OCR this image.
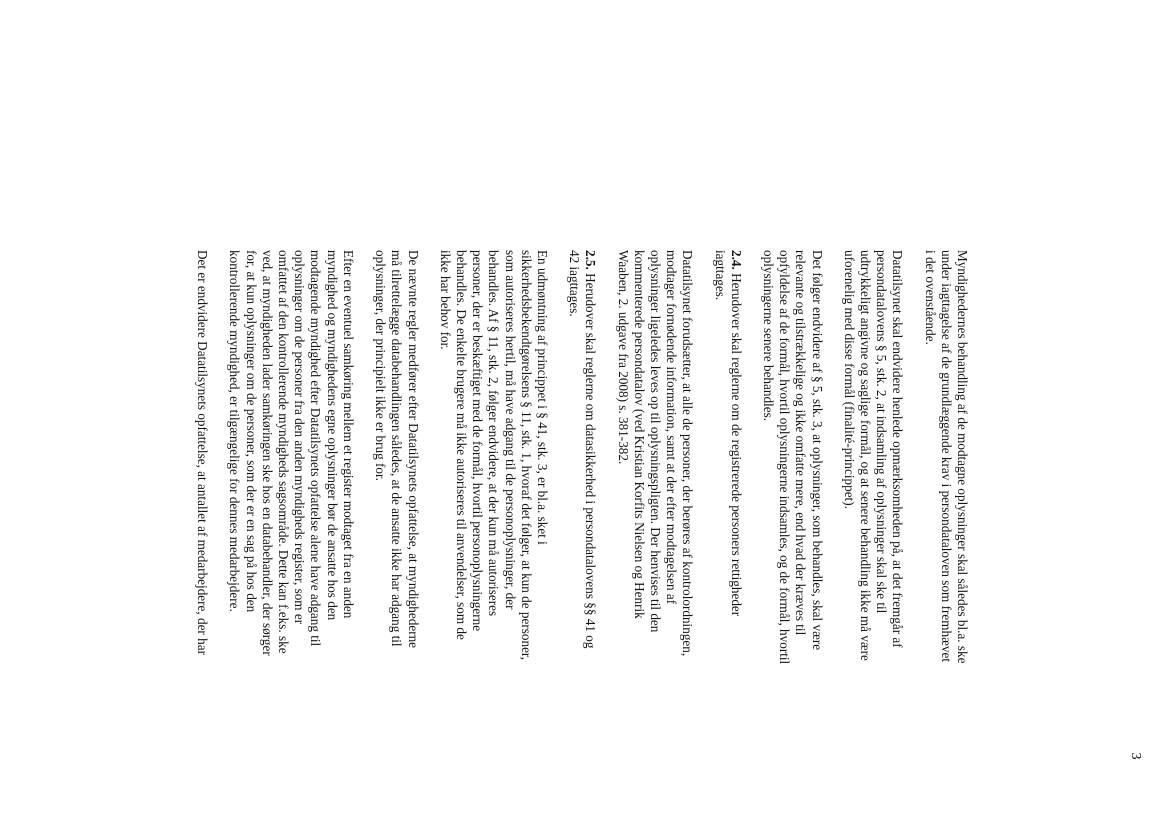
3
Myndighedernes behandling af de modtagne oplysninger skal således bl.a. ske
under iagttagelse af de grundlæggende krav i persondataloven som fremhævet
i det ovenstående.
Datatilsynet skal endvidere henlede opmærksomheden på, at det fremgår af
persondatalovens § 5, stk. 2, at indsamling af oplysninger skal ske til
udtrykkeligt angivne og saglige formål, og at senere behandling ikke må være
uforenelig med disse formål (finalité-princippet).
Det følger endvidere af § 5, stk. 3, at oplysninger, som behandles, skal være
relevante og tilstrækkelige og ikke omfatte mere, end hvad der kræves til
opfyldelse af de formål, hvortil oplysningerne indsamles, og de formål, hvortil
oplysningerne senere behandles.
2.4. Herudover skal reglerne om de registrerede personers rettigheder
iagttages.
Datatilsynet forudsætter, at alle de personer, der berøres af kontrolordningen,
modtager fornødende information, samt at der efter modtagelsen af
oplysninger ligeledes leves op til oplysningspligten. Der henvises til den
kommenterede persondatalov (ved Kristian Korfits Nielsen og Henrik
Waaben, 2. udgave fra 2008) s. 381-382.
2.5. Herudover skal reglerne om datasikkerhed i persondatalovens §§ 41 og
42 iagttages.
En udmøntning af princippet i § 41, stk. 3, er bl.a. sket i
sikkerhedsbekendtgørelsens § 11, stk. 1, hvoraf det følger, at kun de personer,
som autoriseres hertil, må have adgang til de personoplysninger, der
behandles. Af § 11, stk. 2, følger endvidere, at der kun må autoriseres
personer, der er beskæftiget med de formål, hvortil personoplysningerne
behandles. De enkelte brugere må ikke autoriseres til anvendelser, som de
ikke har behov for.
De nævnte regler medfører efter Datatilsynets opfattelse, at myndighederne
må tilrettelægge databehandlingen således, at de ansatte ikke har adgang til
oplysninger, der principielt ikke er brug for.
Efter en eventuel samkøring mellem et register modtaget fra en anden
myndighed og myndighedens egne oplysninger bør de ansatte hos den
modtagende myndighed efter Datatilsynets opfattelse alene have adgang til
oplysninger om de personer fra den anden myndigheds register, som er
omfattet af den kontrollerende myndigheds sagsområde. Dette kan f.eks. ske
ved, at myndigheden lader samkøringen ske hos en databehandler, der sørger
for, at kun oplysninger om de personer, som der er en sag på hos den
kontrollerende myndighed, er tilgængelige for dennes medarbejdere.
Det er endvidere Datatilsynets opfattelse, at antallet af medarbejdere, der har
